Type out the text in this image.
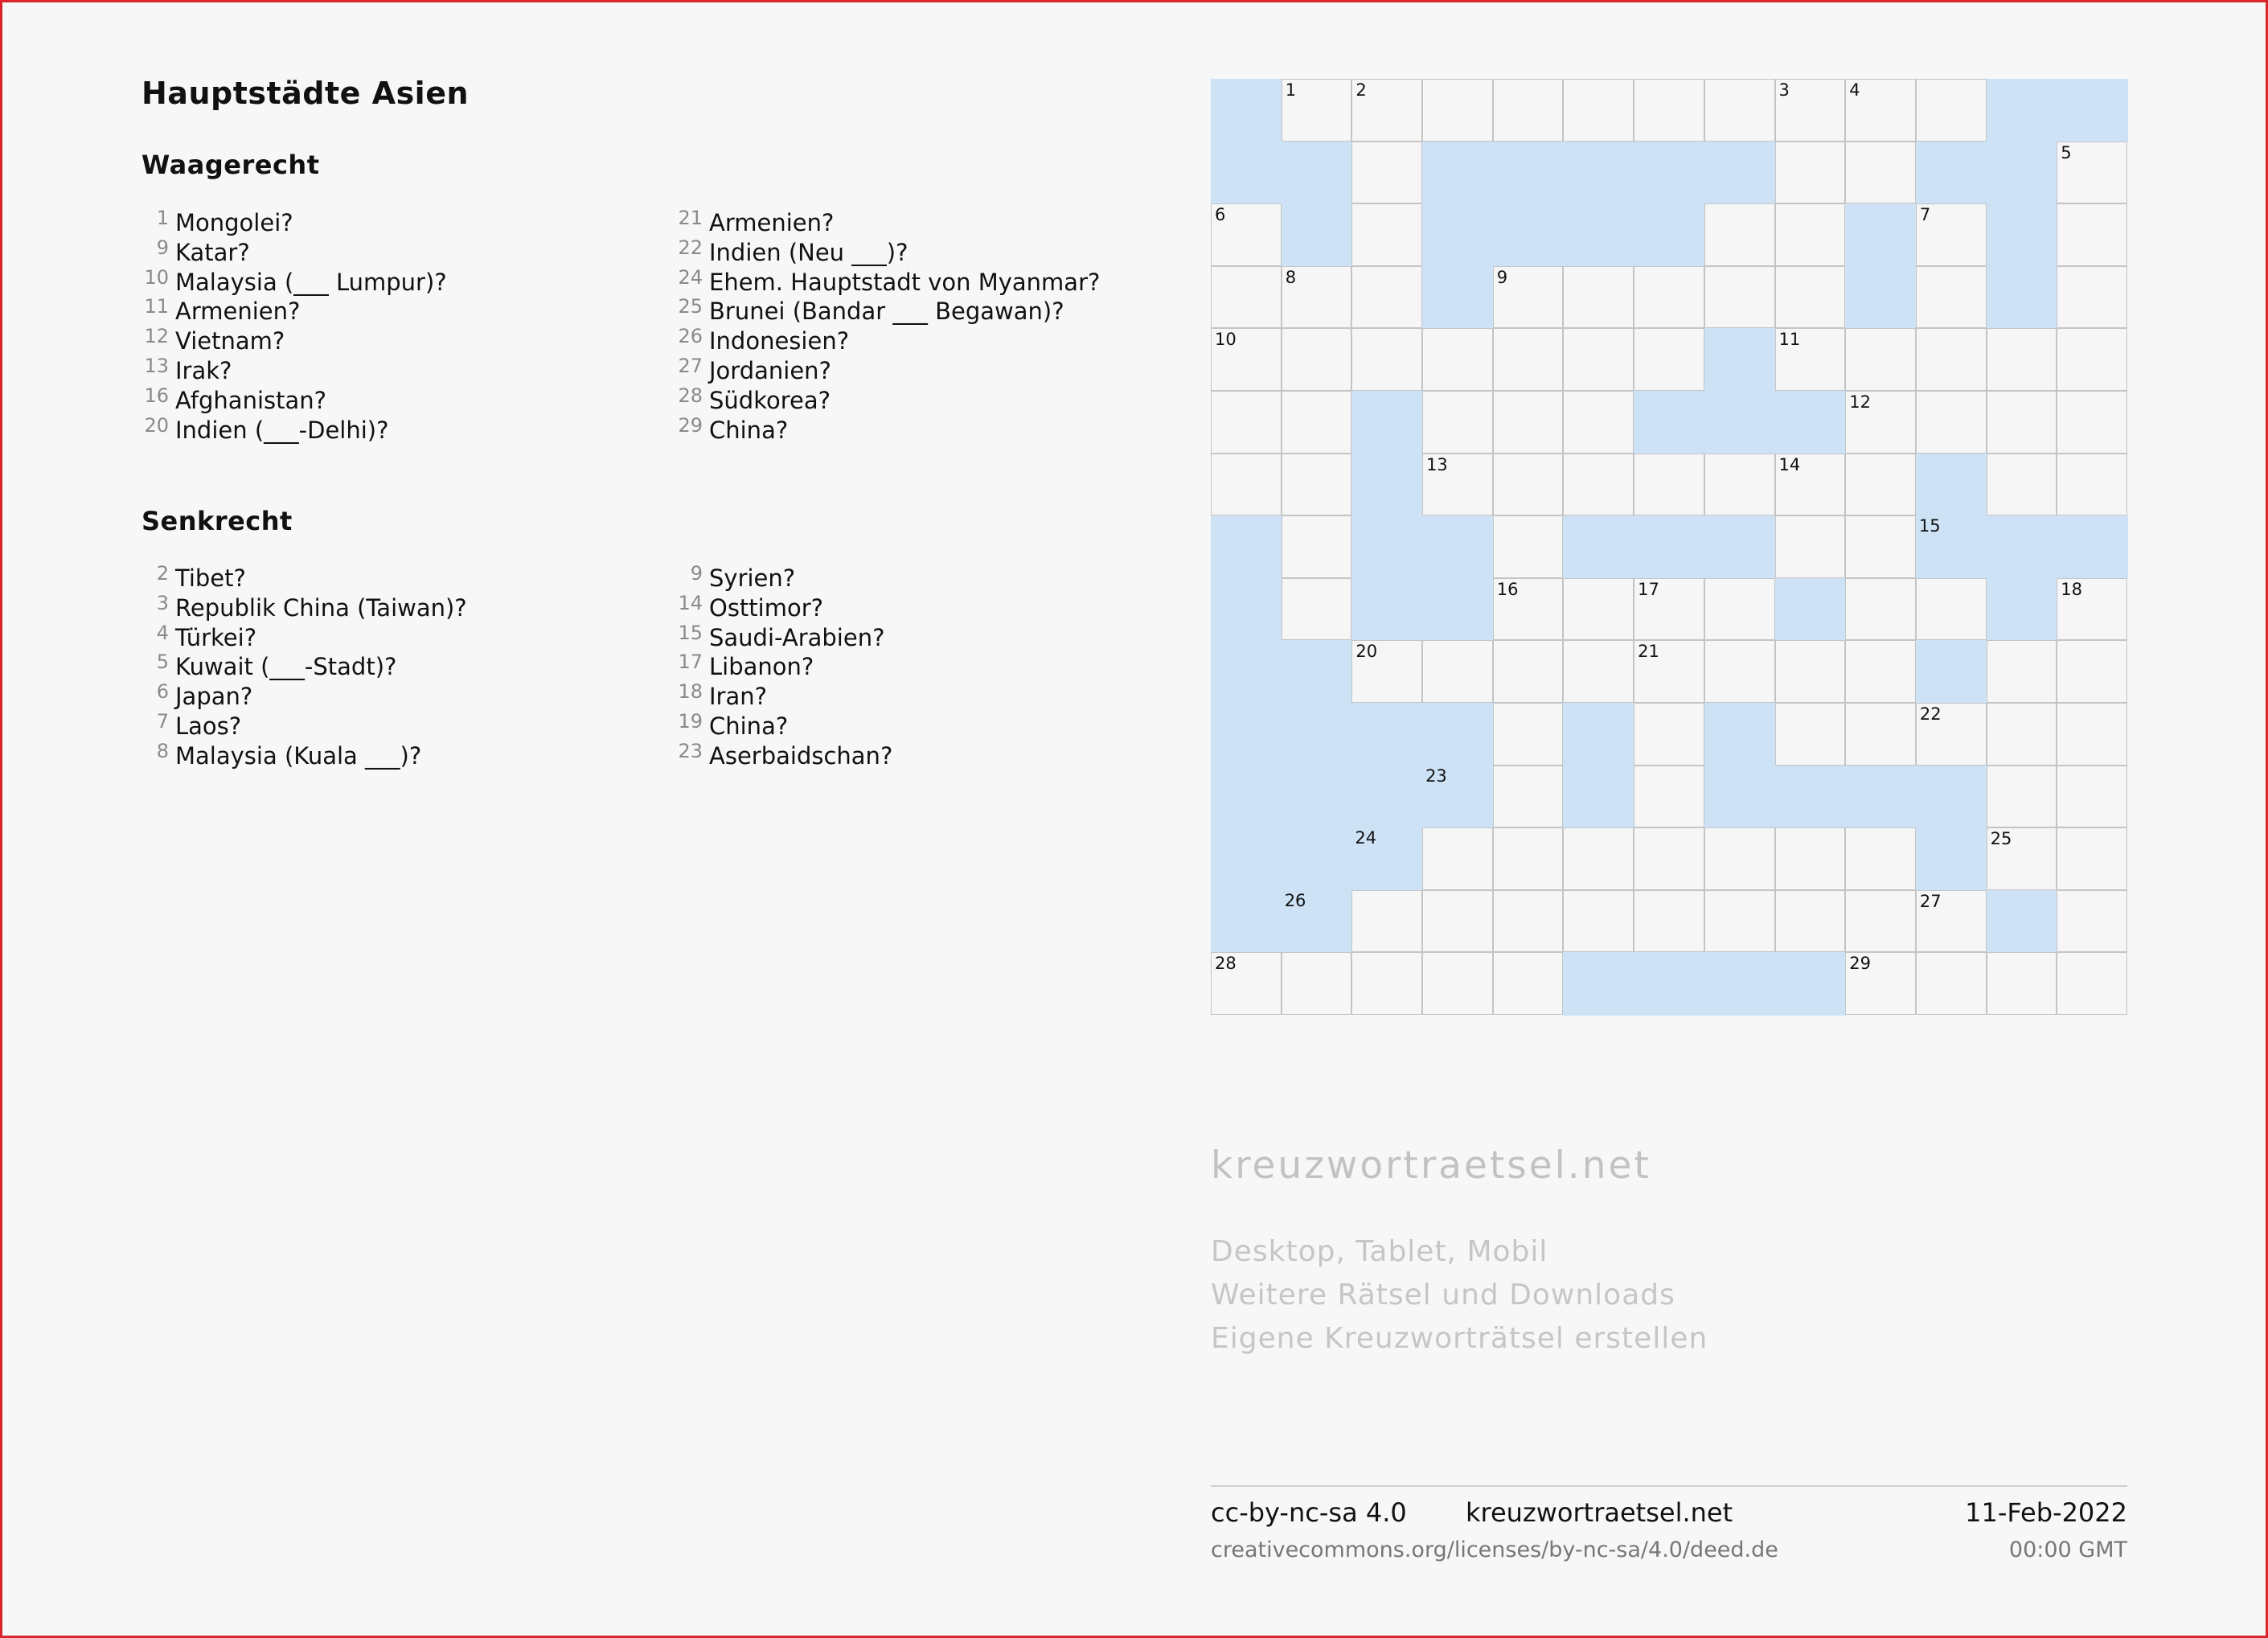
Hauptstädte Asien
Waagerecht
1 Mongolei?
9 Katar?
10 Malaysia (___ Lumpur)?
11 Armenien?
12 Vietnam?
13 Irak?
16 Afghanistan?
20 Indien (___-Delhi)?
21 Armenien?
22 Indien (Neu ___)?
24 Ehem. Hauptstadt von Myanmar?
25 Brunei (Bandar ___ Begawan)?
26 Indonesien?
27 Jordanien?
28 Südkorea?
29 China?
Senkrecht
2 Tibet?
3 Republik China (Taiwan)?
4 Türkei?
5 Kuwait (___-Stadt)?
6 Japan?
7 Laos?
8 Malaysia (Kuala ___)?
9 Syrien?
14 Osttimor?
15 Saudi-Arabien?
17 Libanon?
18 Iran?
19 China?
23 Aserbaidschan?
1	2	3	4
5
6	7
8	9
10	11
12
13	14
15
16	17	18
20	21
22
23
24	25
26	27
28	29
kreuzwortraetsel.net
Desktop, Tablet, Mobil
Weitere Rätsel und Downloads
Eigene Kreuzworträtsel erstellen
cc-by-nc-sa 4.0 kreuzwortraetsel.net	11-Feb-2022
creativecommons.org/licenses/by-nc-sa/4.0/deed.de	00:00 GMT
